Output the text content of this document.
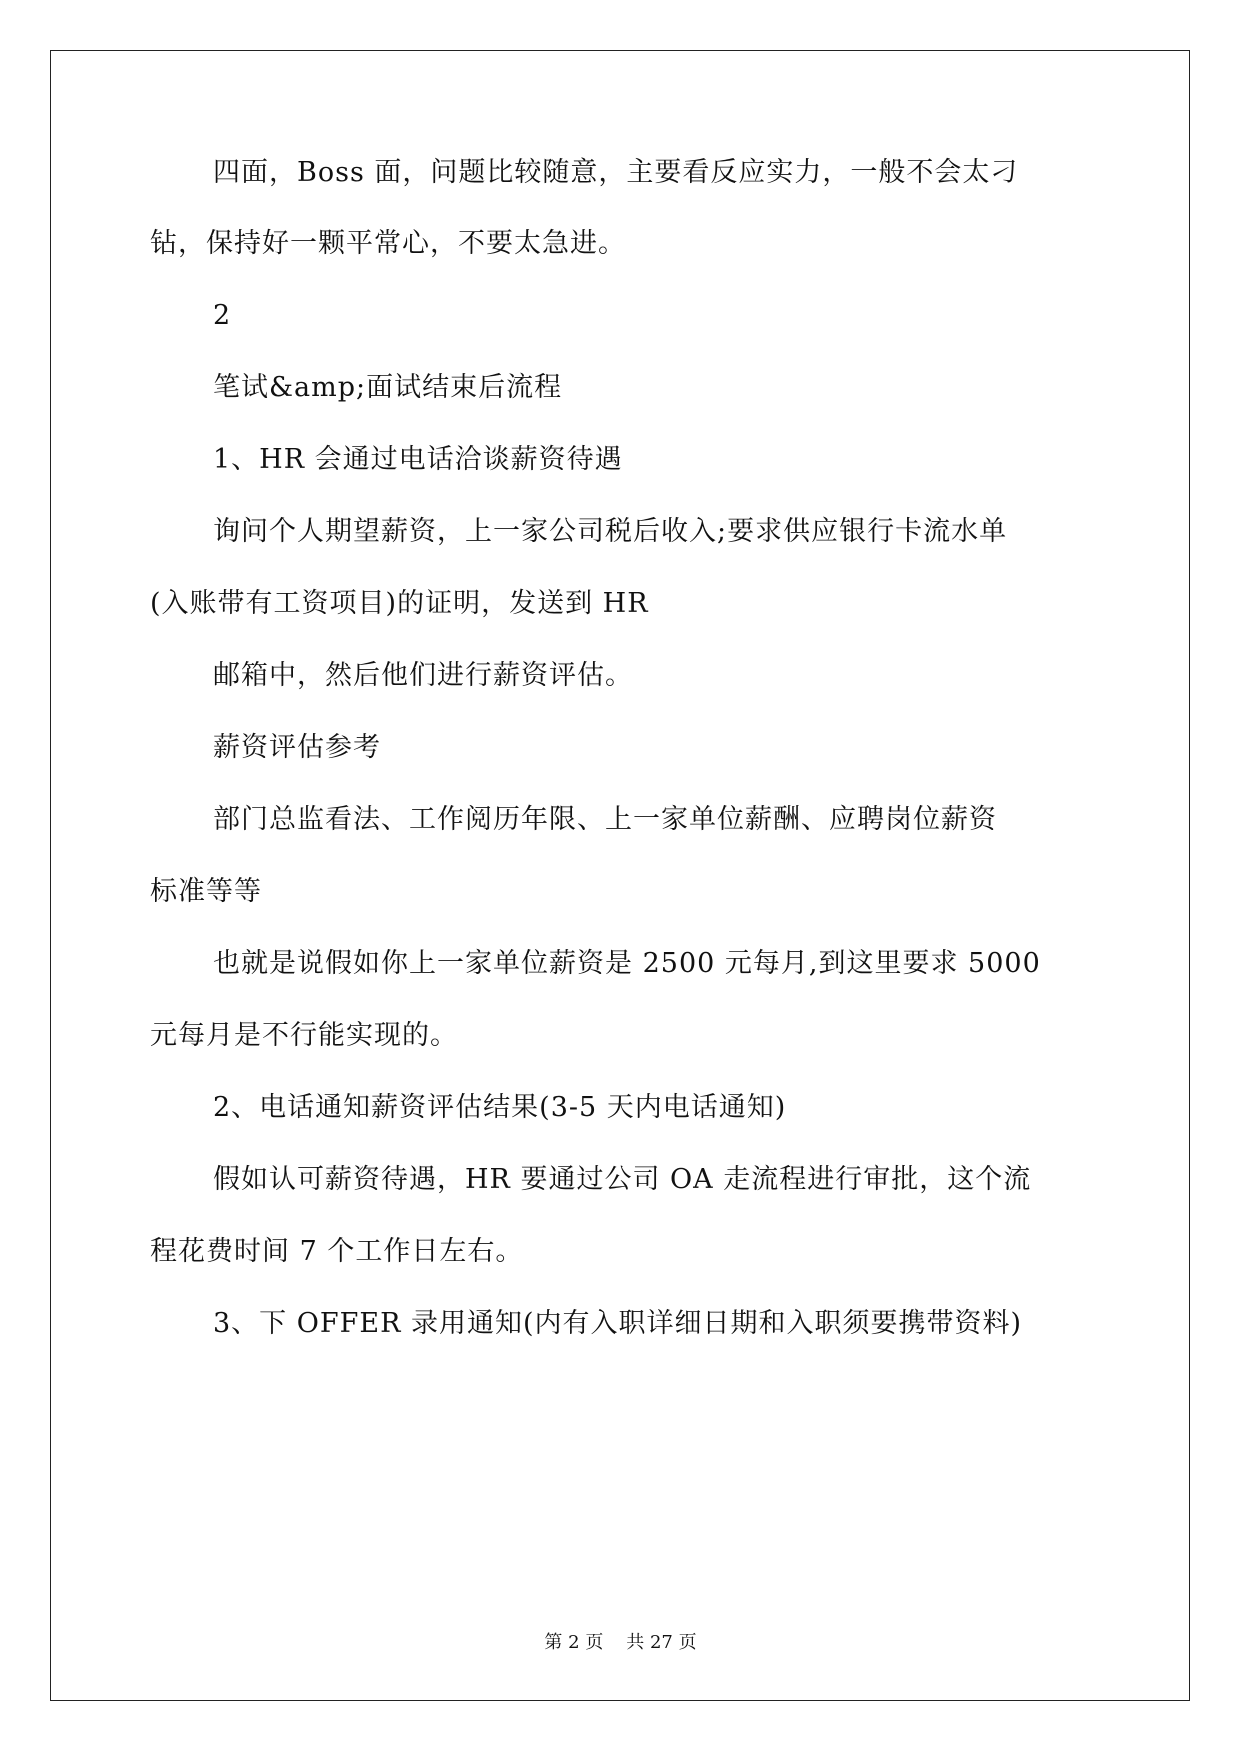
四面，Boss 面，问题比较随意，主要看反应实力，一般不会太刁
钻，保持好一颗平常心，不要太急进。
2
笔试&amp;面试结束后流程
1、HR 会通过电话洽谈薪资待遇
询问个人期望薪资，上一家公司税后收入;要求供应银行卡流水单
(入账带有工资项目)的证明，发送到 HR
邮箱中，然后他们进行薪资评估。
薪资评估参考
部门总监看法、工作阅历年限、上一家单位薪酬、应聘岗位薪资
标准等等
也就是说假如你上一家单位薪资是 2500 元每月,到这里要求 5000
元每月是不行能实现的。
2、电话通知薪资评估结果(3-5 天内电话通知)
假如认可薪资待遇，HR 要通过公司 OA 走流程进行审批，这个流
程花费时间 7 个工作日左右。
3、下 OFFER 录用通知(内有入职详细日期和入职须要携带资料)
第 2 页 共 27 页
